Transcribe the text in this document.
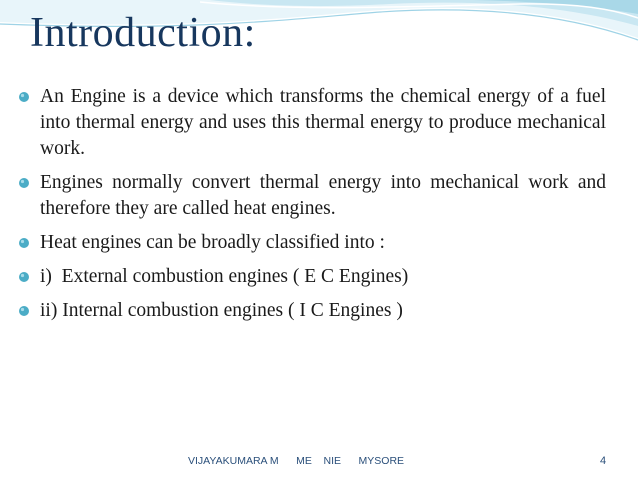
Introduction:
An Engine is a device which transforms the chemical energy of a fuel into thermal energy and uses this thermal energy to produce mechanical work.
Engines normally convert thermal energy into mechanical work and therefore they are called heat engines.
Heat engines can be broadly classified into :
i)  External combustion engines ( E C Engines)
ii) Internal combustion engines ( I C Engines )
VIJAYAKUMARA M      ME    NIE      MYSORE	4
